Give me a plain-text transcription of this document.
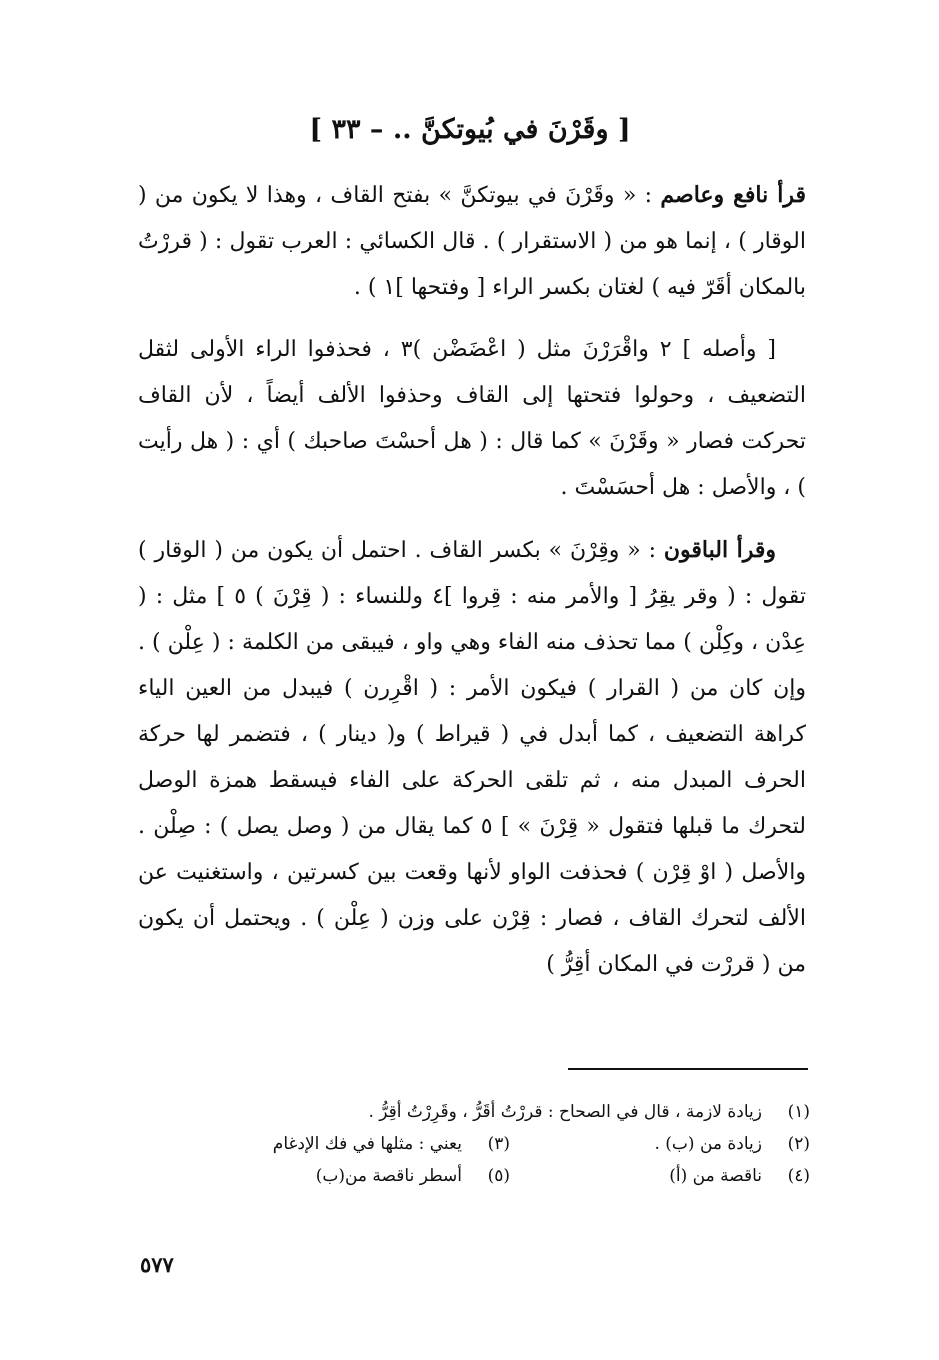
[ وقَرْنَ في بُيوتكنَّ .. – ٣٣ ]

قرأ نافع وعاصم : « وقَرْنَ في بيوتكنَّ » بفتح القاف ، وهذا لا يكون من ( الوقار ) ، إنما هو من ( الاستقرار ) . قال الكسائي : العرب تقول : ( قررْتُ بالمكان أقَرّ فيه ) لغتان بكسر الراء [ وفتحها ]١ ) .

[ وأصله ] ٢ واقْرَرْنَ مثل ( اعْضَضْن )٣ ، فحذفوا الراء الأولى لثقل التضعيف ، وحولوا فتحتها إلى القاف وحذفوا الألف أيضاً ، لأن القاف تحركت فصار « وقَرْنَ » كما قال : ( هل أحسْتَ صاحبك ) أي : ( هل رأيت ) ، والأصل : هل أحسَسْتَ .

وقرأ الباقون : « وقِرْنَ » بكسر القاف . احتمل أن يكون من ( الوقار ) تقول : ( وقر يقِرُ [ والأمر منه : قِروا ]٤ وللنساء : ( قِرْنَ ) ٥ ] مثل : ( عِدْن ، وكِلْن ) مما تحذف منه الفاء وهي واو ، فيبقى من الكلمة : ( عِلْن ) . وإن كان من ( القرار ) فيكون الأمر : ( اقْرِرن ) فيبدل من العين الياء كراهة التضعيف ، كما أبدل في ( قيراط ) و( دينار ) ، فتضمر لها حركة الحرف المبدل منه ، ثم تلقى الحركة على الفاء فيسقط همزة الوصل لتحرك ما قبلها فتقول « قِرْنَ » ] ٥ كما يقال من ( وصل يصل ) : صِلْن . والأصل ( اوْ قِرْن ) فحذفت الواو لأنها وقعت بين كسرتين ، واستغنيت عن الألف لتحرك القاف ، فصار : قِرْن على وزن ( عِلْن ) . ويحتمل أن يكون من ( قررْت في المكان أقِرُّ )

(١)
زيادة لازمة ، قال في الصحاح : قررْتُ أقَرُّ ، وقَرِرْتُ أقِرُّ .
(٢)
زيادة من (ب) .
(٣)
يعني : مثلها في فك الإدغام
(٤)
ناقصة من (أ)
(٥)
أسطر ناقصة من(ب)
٥٧٧
